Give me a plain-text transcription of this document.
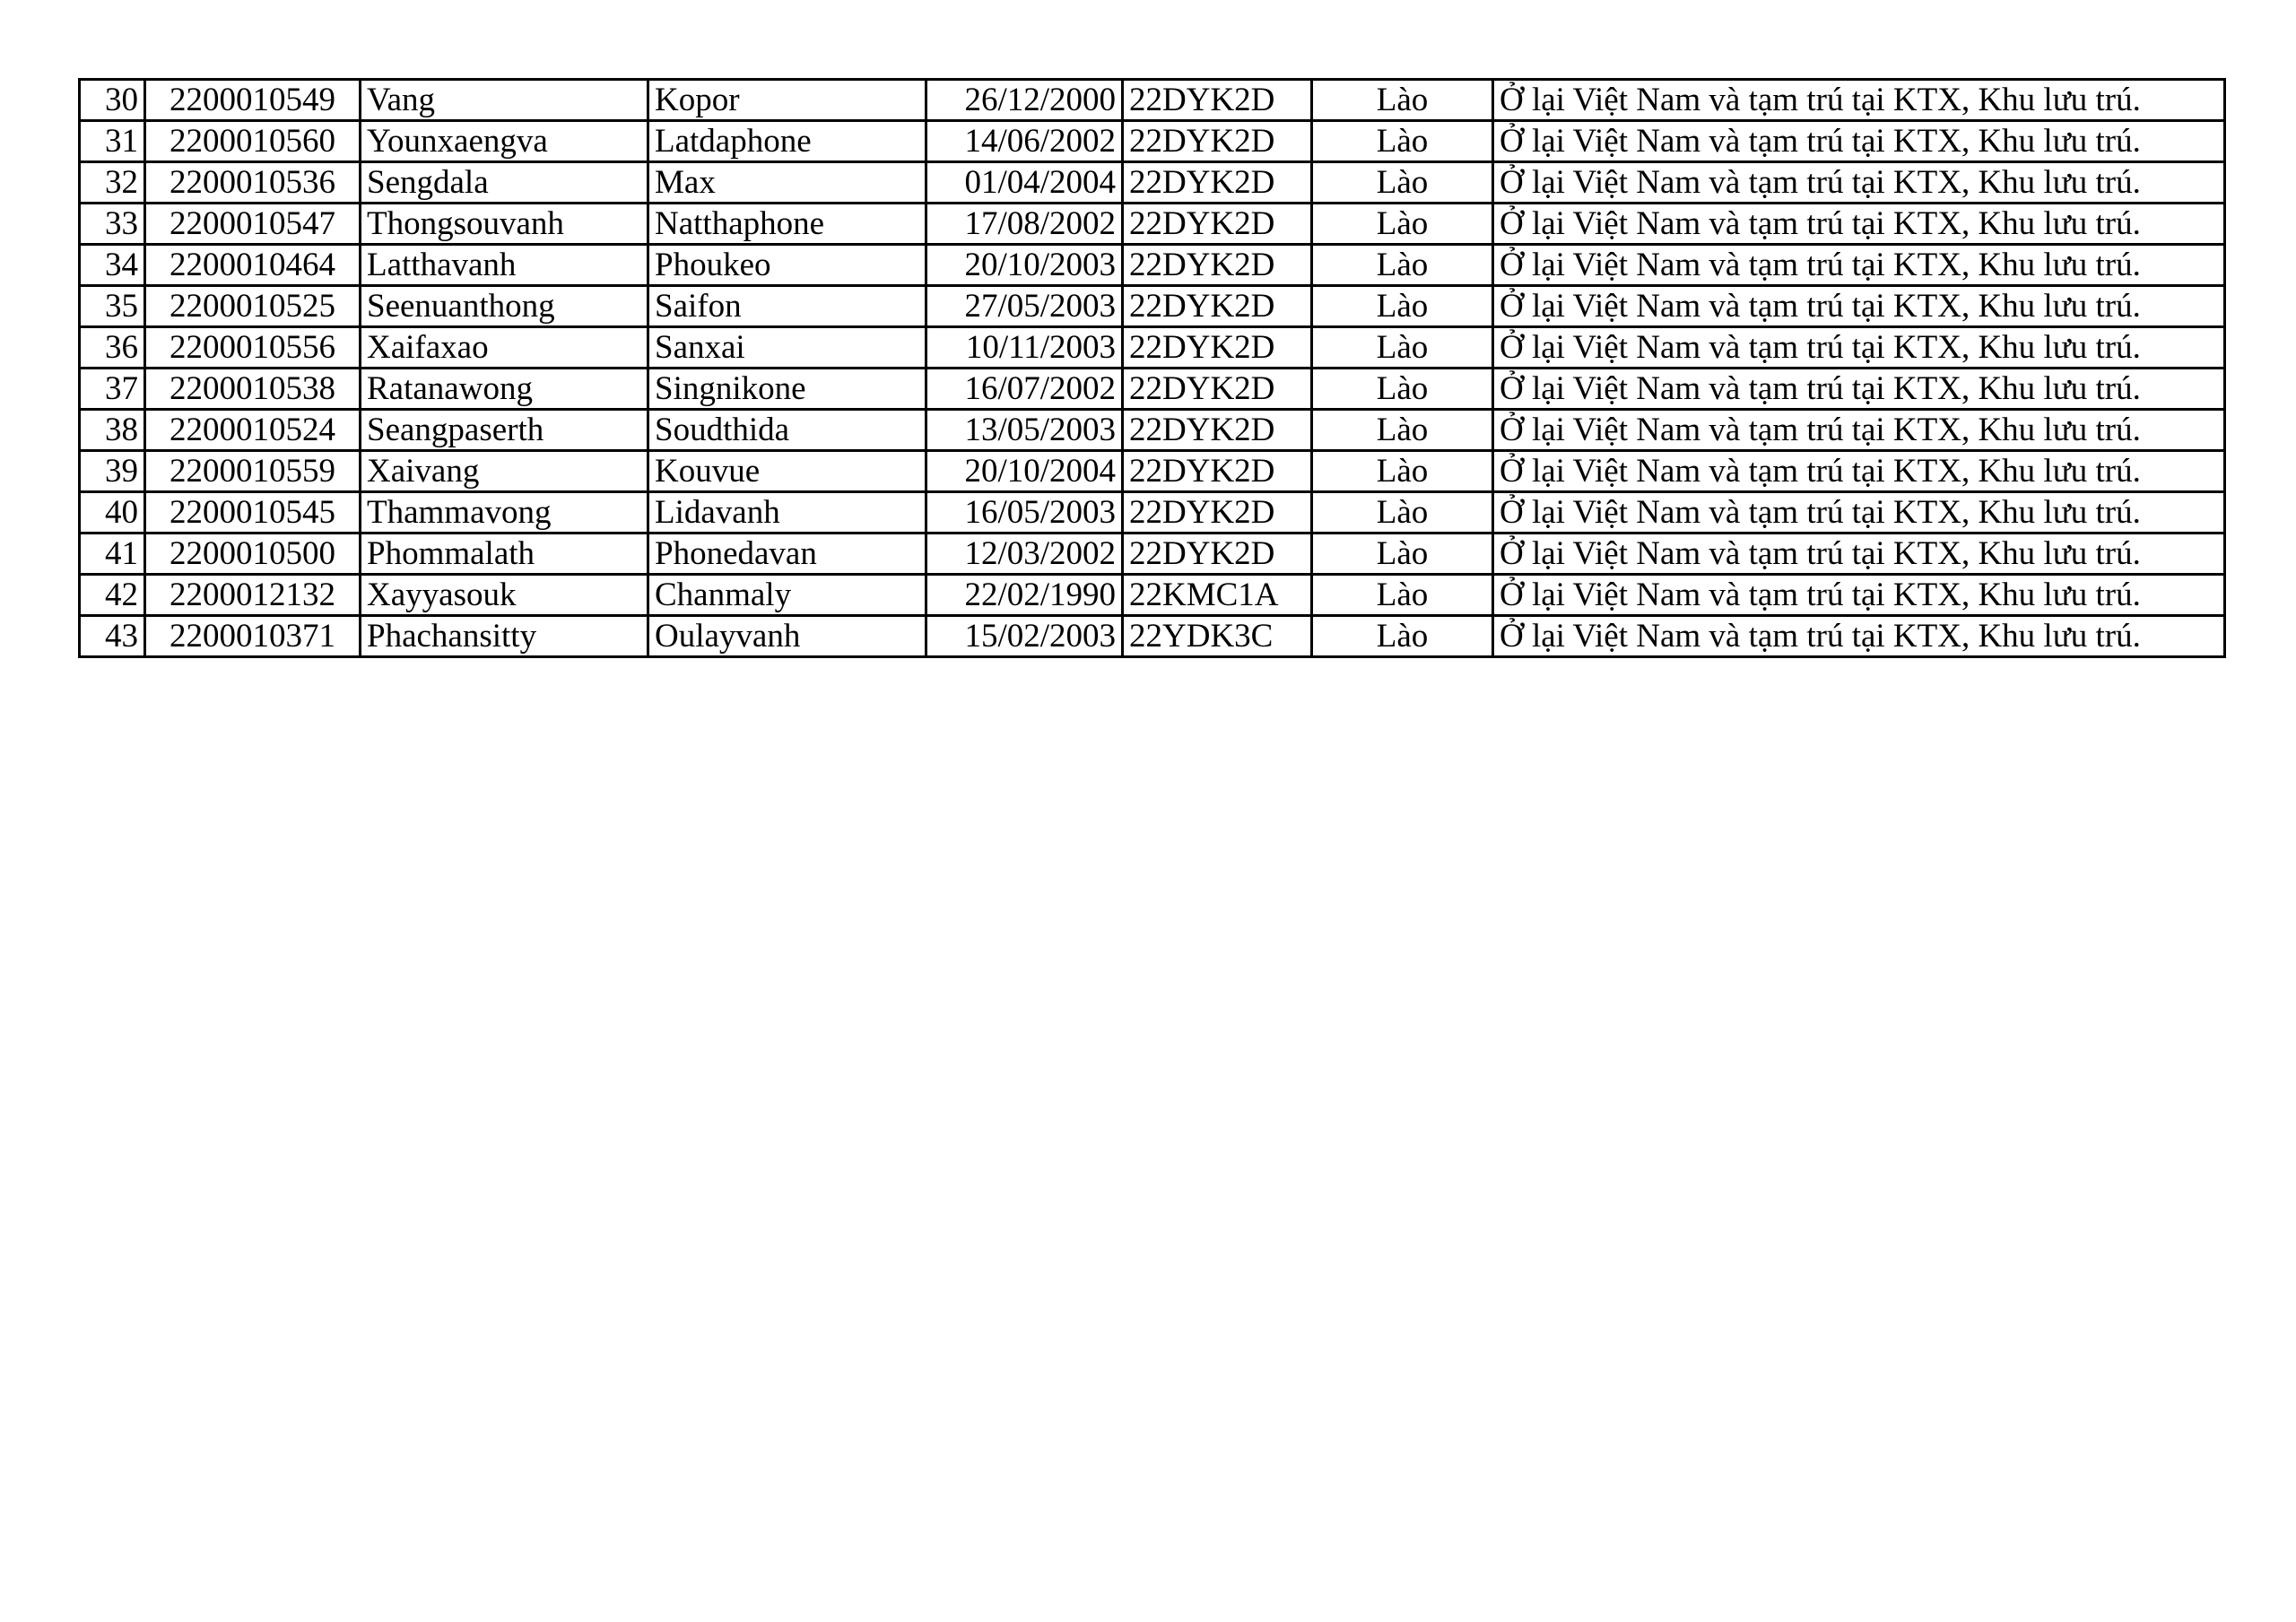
30	2200010549	Vang	Kopor	26/12/2000	22DYK2D	Lào	Ở lại Việt Nam và tạm trú tại KTX, Khu lưu trú.
31	2200010560	Younxaengva	Latdaphone	14/06/2002	22DYK2D	Lào	Ở lại Việt Nam và tạm trú tại KTX, Khu lưu trú.
32	2200010536	Sengdala	Max	01/04/2004	22DYK2D	Lào	Ở lại Việt Nam và tạm trú tại KTX, Khu lưu trú.
33	2200010547	Thongsouvanh	Natthaphone	17/08/2002	22DYK2D	Lào	Ở lại Việt Nam và tạm trú tại KTX, Khu lưu trú.
34	2200010464	Latthavanh	Phoukeo	20/10/2003	22DYK2D	Lào	Ở lại Việt Nam và tạm trú tại KTX, Khu lưu trú.
35	2200010525	Seenuanthong	Saifon	27/05/2003	22DYK2D	Lào	Ở lại Việt Nam và tạm trú tại KTX, Khu lưu trú.
36	2200010556	Xaifaxao	Sanxai	10/11/2003	22DYK2D	Lào	Ở lại Việt Nam và tạm trú tại KTX, Khu lưu trú.
37	2200010538	Ratanawong	Singnikone	16/07/2002	22DYK2D	Lào	Ở lại Việt Nam và tạm trú tại KTX, Khu lưu trú.
38	2200010524	Seangpaserth	Soudthida	13/05/2003	22DYK2D	Lào	Ở lại Việt Nam và tạm trú tại KTX, Khu lưu trú.
39	2200010559	Xaivang	Kouvue	20/10/2004	22DYK2D	Lào	Ở lại Việt Nam và tạm trú tại KTX, Khu lưu trú.
40	2200010545	Thammavong	Lidavanh	16/05/2003	22DYK2D	Lào	Ở lại Việt Nam và tạm trú tại KTX, Khu lưu trú.
41	2200010500	Phommalath	Phonedavan	12/03/2002	22DYK2D	Lào	Ở lại Việt Nam và tạm trú tại KTX, Khu lưu trú.
42	2200012132	Xayyasouk	Chanmaly	22/02/1990	22KMC1A	Lào	Ở lại Việt Nam và tạm trú tại KTX, Khu lưu trú.
43	2200010371	Phachansitty	Oulayvanh	15/02/2003	22YDK3C	Lào	Ở lại Việt Nam và tạm trú tại KTX, Khu lưu trú.
